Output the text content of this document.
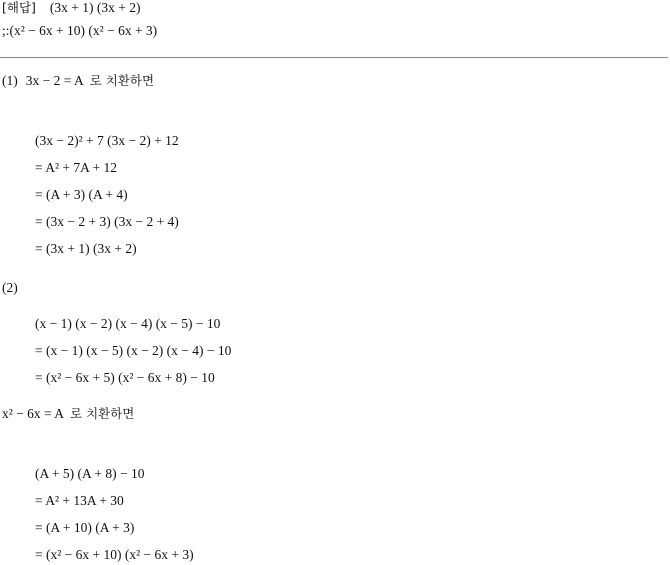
[해답] (3x + 1) (3x + 2)
;:(x² − 6x + 10) (x² − 6x + 3)
(1) 3x − 2 = A 로 치환하면
(3x − 2)² + 7 (3x − 2) + 12
= A² + 7A + 12
= (A + 3) (A + 4)
= (3x − 2 + 3) (3x − 2 + 4)
= (3x + 1) (3x + 2)
(2)
(x − 1) (x − 2) (x − 4) (x − 5) − 10
= (x − 1) (x − 5) (x − 2) (x − 4) − 10
= (x² − 6x + 5) (x² − 6x + 8) − 10
x² − 6x = A 로 치환하면
(A + 5) (A + 8) − 10
= A² + 13A + 30
= (A + 10) (A + 3)
= (x² − 6x + 10) (x² − 6x + 3)
